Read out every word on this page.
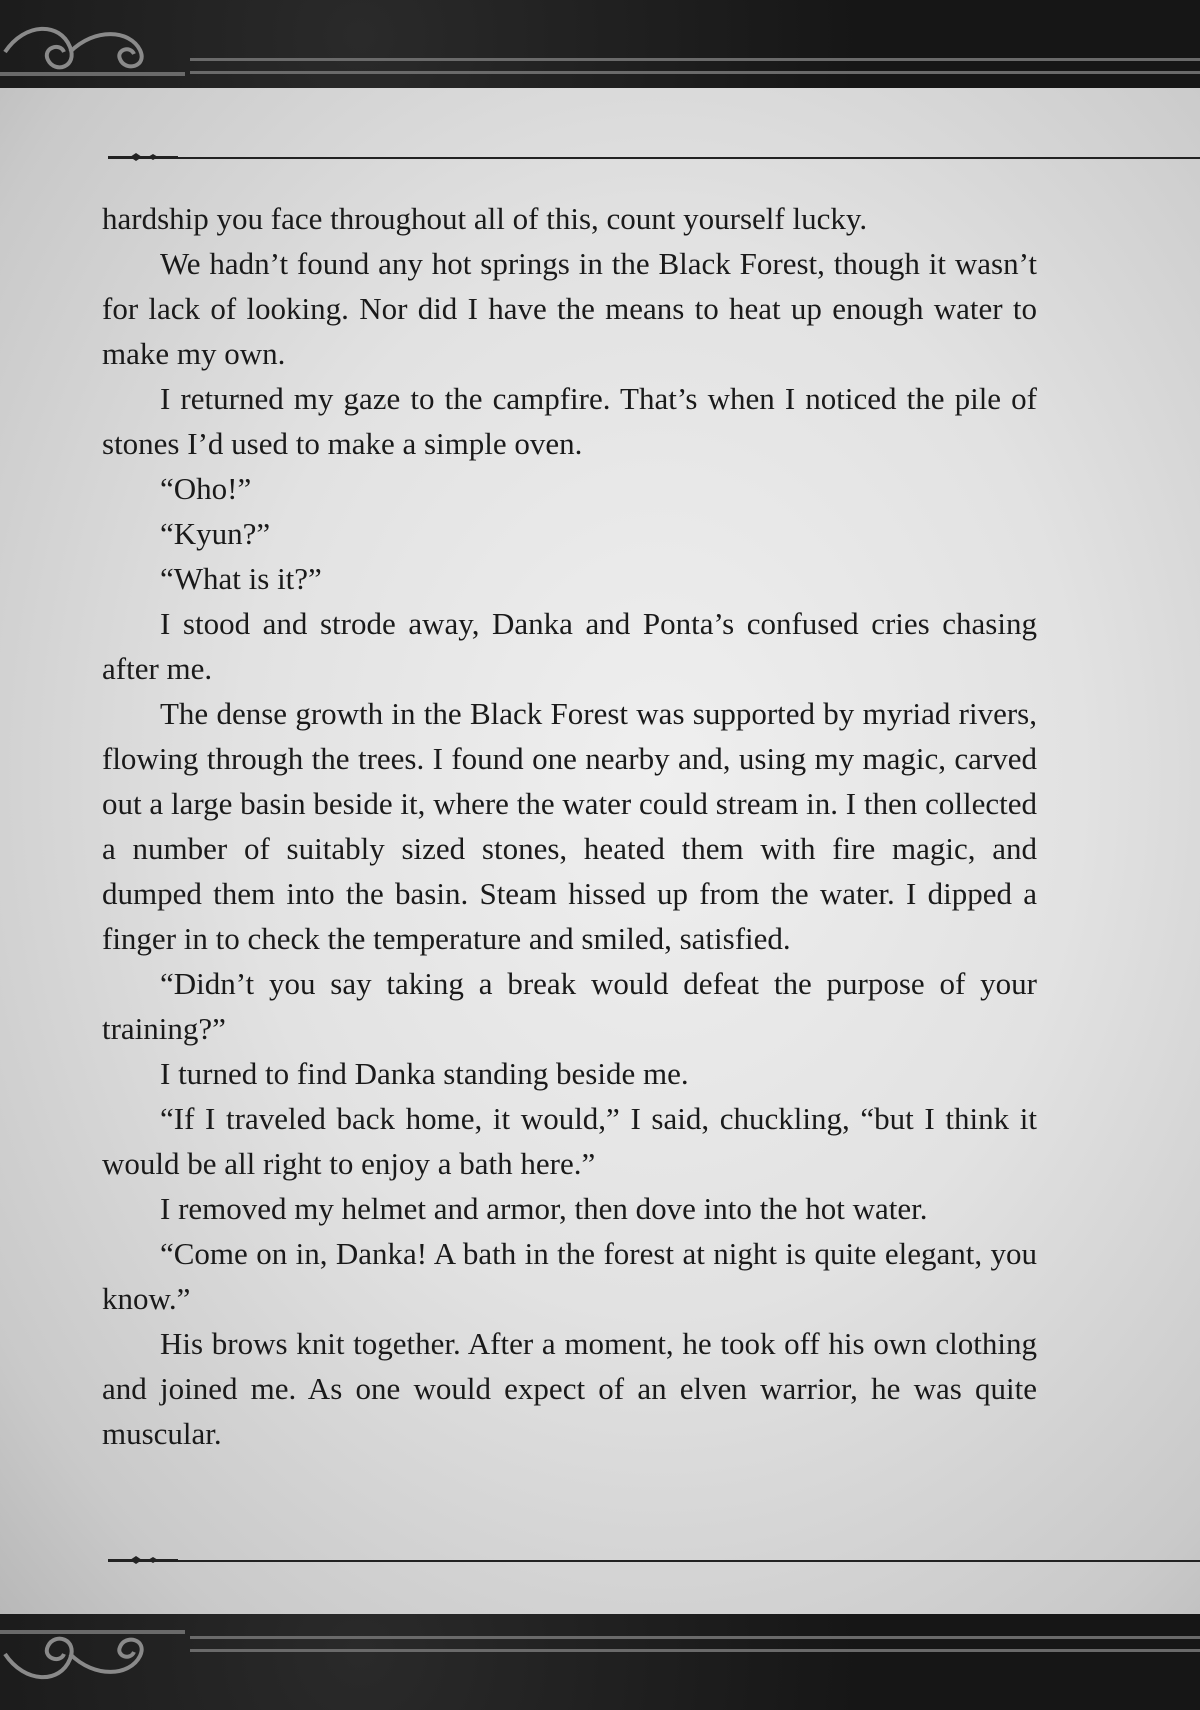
hardship you face throughout all of this, count yourself lucky.

We hadn’t found any hot springs in the Black Forest, though it wasn’t for lack of looking. Nor did I have the means to heat up enough water to make my own.

I returned my gaze to the campfire. That’s when I noticed the pile of stones I’d used to make a simple oven.

“Oho!”

“Kyun?”

“What is it?”

I stood and strode away, Danka and Ponta’s confused cries chasing after me.

The dense growth in the Black Forest was supported by myriad rivers, flowing through the trees. I found one nearby and, using my magic, carved out a large basin beside it, where the water could stream in. I then collected a number of suitably sized stones, heated them with fire magic, and dumped them into the basin. Steam hissed up from the water. I dipped a finger in to check the temperature and smiled, satisfied.

“Didn’t you say taking a break would defeat the purpose of your training?”

I turned to find Danka standing beside me.

“If I traveled back home, it would,” I said, chuckling, “but I think it would be all right to enjoy a bath here.”

I removed my helmet and armor, then dove into the hot water.

“Come on in, Danka! A bath in the forest at night is quite elegant, you know.”

His brows knit together. After a moment, he took off his own clothing and joined me. As one would expect of an elven warrior, he was quite muscular.
